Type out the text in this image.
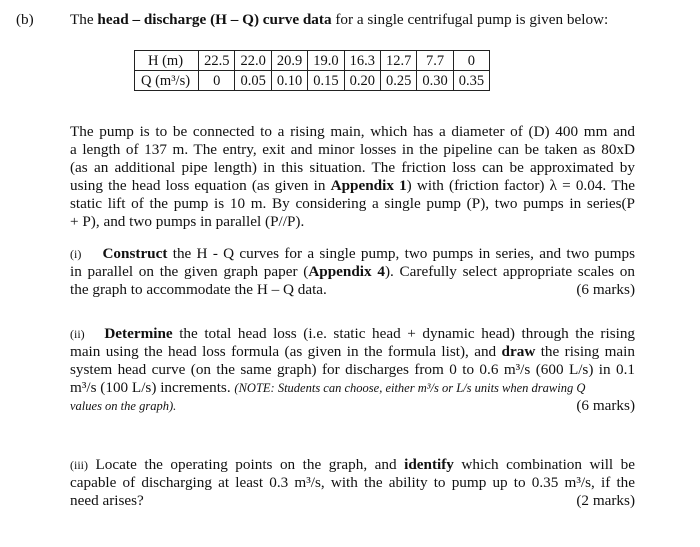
(b) The head – discharge (H – Q) curve data for a single centrifugal pump is given below:
H (m)	22.5	22.0	20.9	19.0	16.3	12.7	7.7	0
Q (m³/s)	0	0.05	0.10	0.15	0.20	0.25	0.30	0.35
The pump is to be connected to a rising main, which has a diameter of (D) 400 mm and
a length of 137 m. The entry, exit and minor losses in the pipeline can be taken as 80xD
(as an additional pipe length) in this situation. The friction loss can be approximated by
using the head loss equation (as given in Appendix 1) with (friction factor) λ = 0.04. The
static lift of the pump is 10 m. By considering a single pump (P), two pumps in series(P
+ P), and two pumps in parallel (P//P).
(i) Construct the H - Q curves for a single pump, two pumps in series, and two pumps
in parallel on the given graph paper (Appendix 4). Carefully select appropriate scales on
the graph to accommodate the H – Q data.	(6 marks)
(ii) Determine the total head loss (i.e. static head + dynamic head) through the rising
main using the head loss formula (as given in the formula list), and draw the rising main
system head curve (on the same graph) for discharges from 0 to 0.6 m³/s (600 L/s) in 0.1
m³/s (100 L/s) increments. (NOTE: Students can choose, either m³/s or L/s units when drawing Q
values on the graph).	(6 marks)
(iii) Locate the operating points on the graph, and identify which combination will be
capable of discharging at least 0.3 m³/s, with the ability to pump up to 0.35 m³/s, if the
need arises?	(2 marks)
